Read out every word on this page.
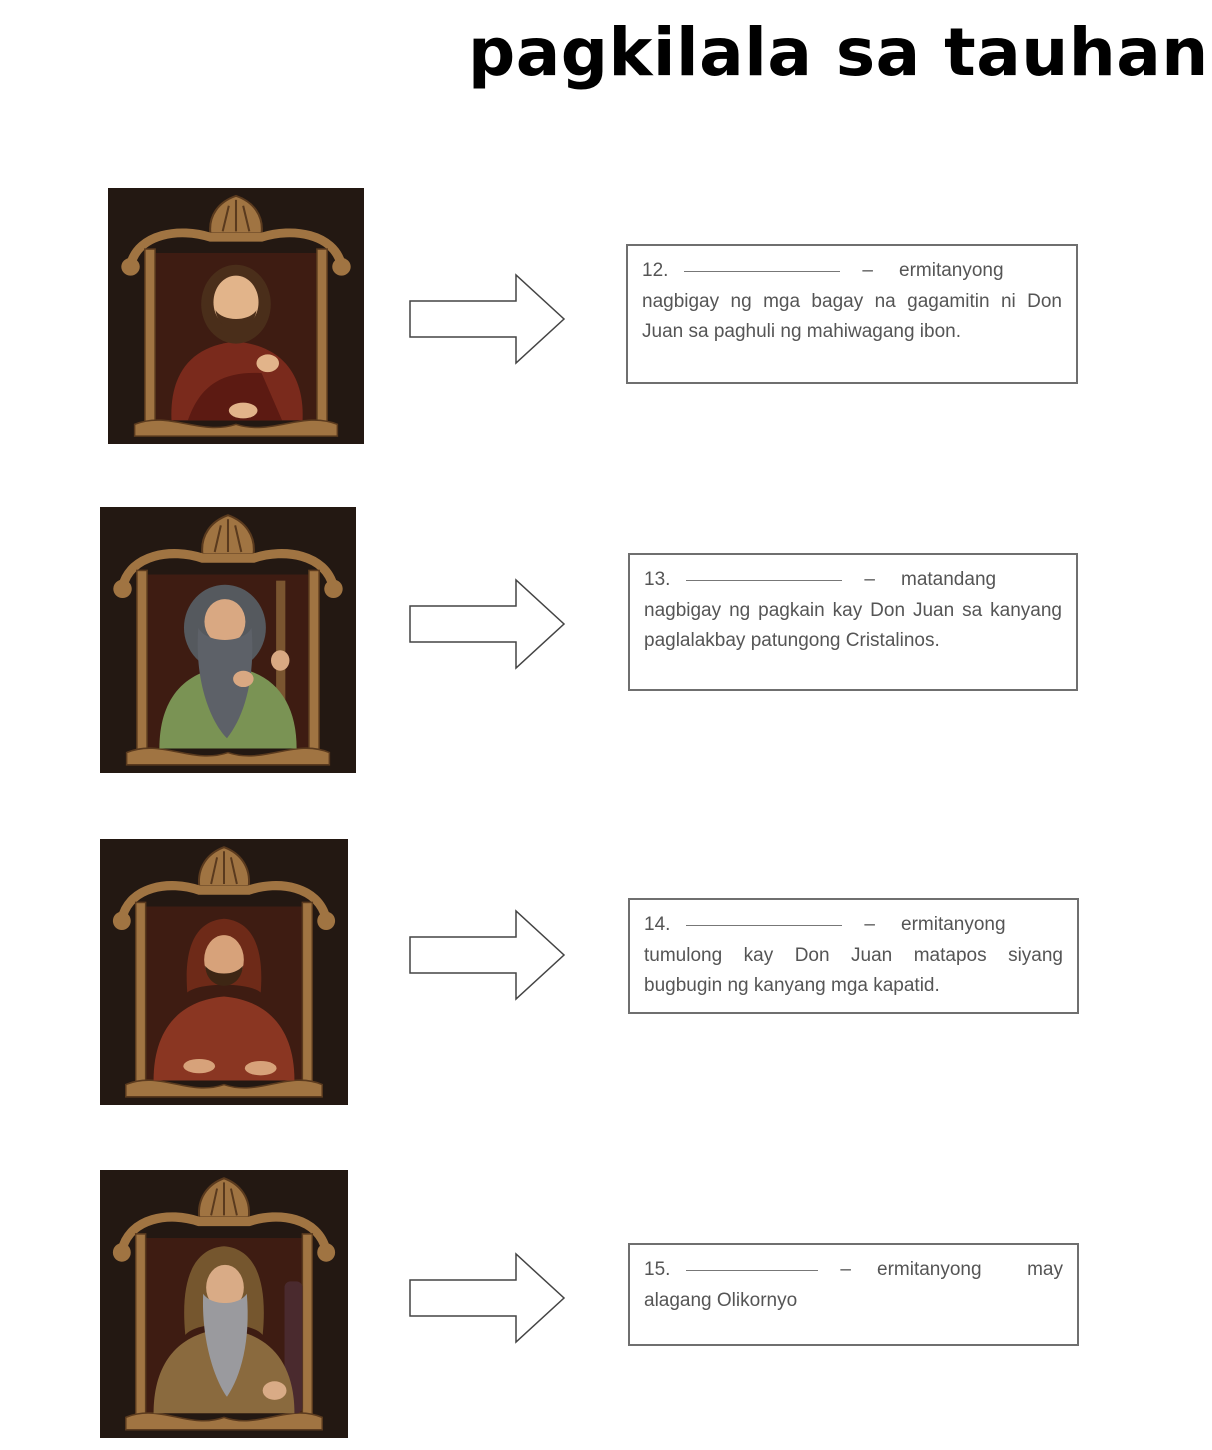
pagkilala sa tauhan
12.	– ermitanyong nagbigay ng mga bagay na gagamitin ni Don Juan sa paghuli ng mahiwagang ibon.
13.	– matandang nagbigay ng pagkain kay Don Juan sa kanyang paglalakbay patungong Cristalinos.
14.	– ermitanyong tumulong kay Don Juan matapos siyang bugbugin ng kanyang mga kapatid.
15.	– ermitanyong may alagang Olikornyo
